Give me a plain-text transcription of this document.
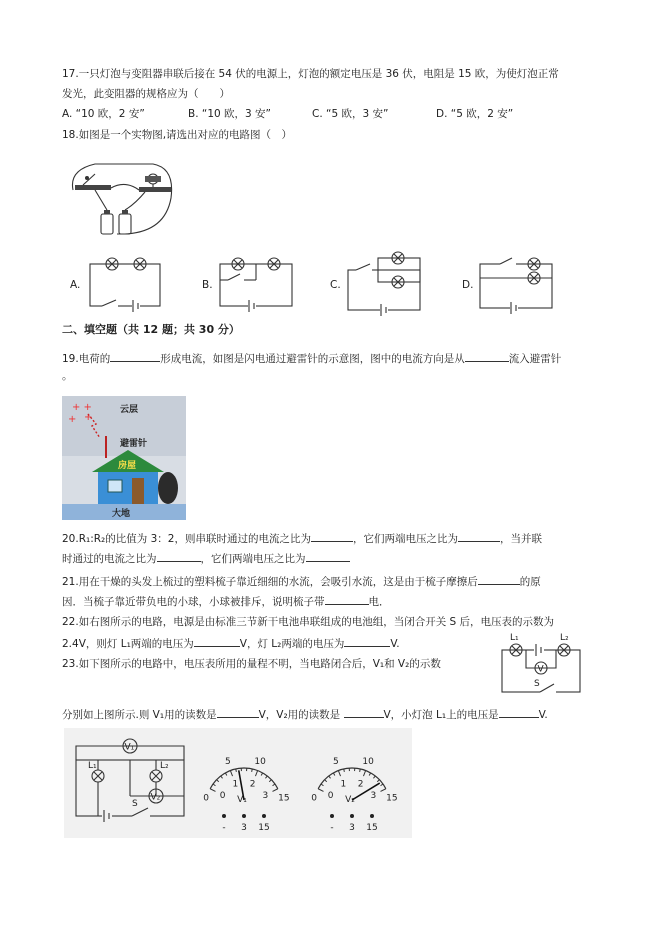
17.一只灯泡与变阻器串联后接在 54 伏的电源上，灯泡的额定电压是 36 伏，电阻是 15 欧，为使灯泡正常
发光，此变阻器的规格应为（　　）
A. “10 欧，2 安”	B. “10 欧，3 安”	C. “5 欧，3 安”	D. “5 欧，2 安”
18.如图是一个实物图,请选出对应的电路图（　）
A.	B.	C.	D.
二、填空题（共 12 题；共 30 分）
19.电荷的	形成电流，如图是闪电通过避雷针的示意图，图中的电流方向是从	流入避雷针
。
+ +
+
+
云层
避雷针
房屋
大地
20.R₁:R₂的比值为 3：2，则串联时通过的电流之比为	，它们两端电压之比为	，当并联
时通过的电流之比为	，它们两端电压之比为
21.用在干燥的头发上梳过的塑料梳子靠近细细的水流，会吸引水流，这是由于梳子摩擦后	的原
因．当梳子靠近带负电的小球，小球被排斥，说明梳子带	电．
22.如右图所示的电路，电源是由标准三节新干电池串联组成的电池组，当闭合开关 S 后，电压表的示数为
2.4V，则灯 L₁两端的电压为	V，灯 L₂两端的电压为	V.
V
L₁	L₂
S
23.如下图所示的电路中，电压表所用的量程不明，当电路闭合后，V₁和 V₂的示数
分别如上图所示.则 V₁用的读数是	V，V₂用的读数是	V，小灯泡 L₁上的电压是	V.
V₁
V₂
L₁	L₂
S
5	10
0
1 2
3 15
0	V₁
- 3 15
5	10
0
1 2
3 15
0	V₂
- 3 15
